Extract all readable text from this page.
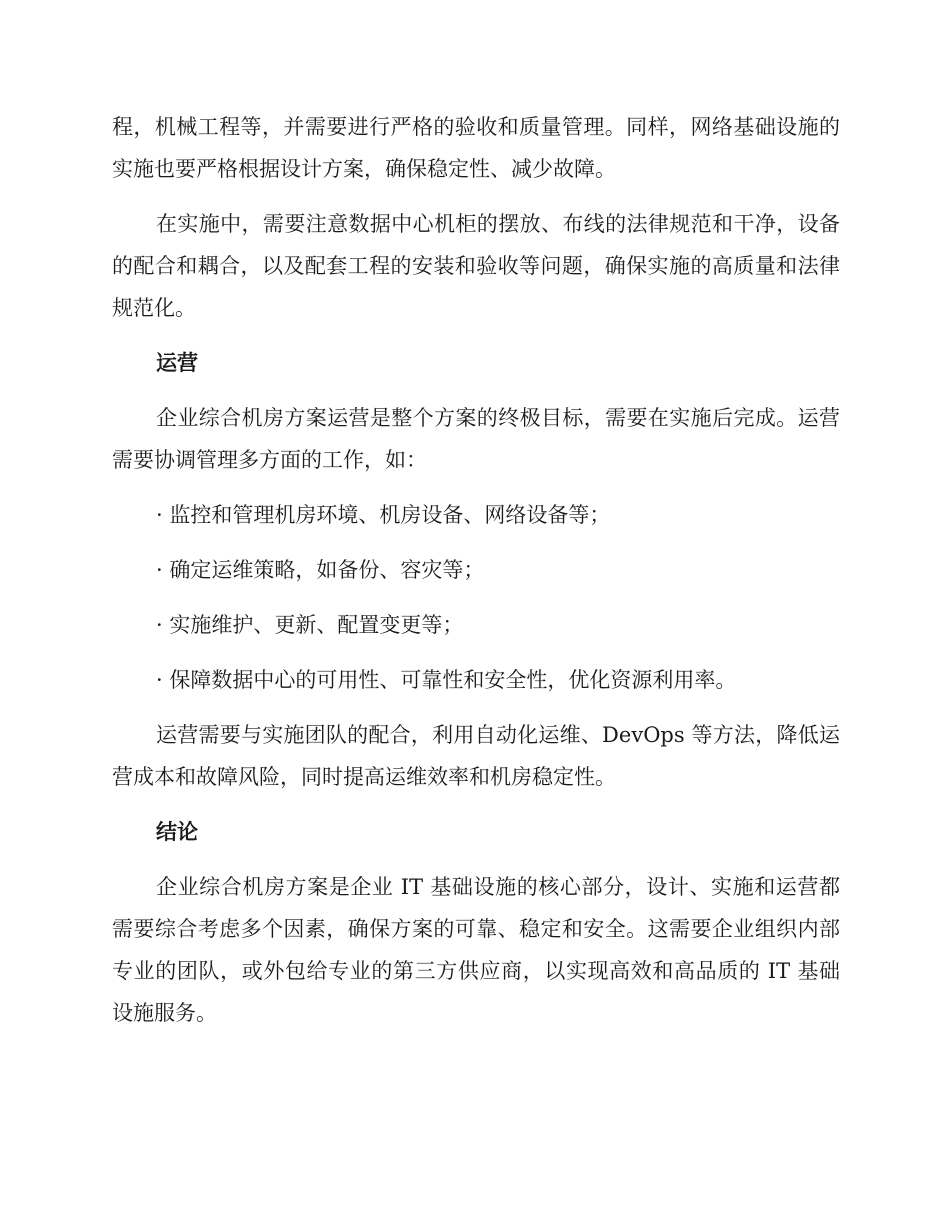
程，机械工程等，并需要进行严格的验收和质量管理。同样，网络基础设施的实施也要严格根据设计方案，确保稳定性、减少故障。

在实施中，需要注意数据中心机柜的摆放、布线的法律规范和干净，设备的配合和耦合，以及配套工程的安装和验收等问题，确保实施的高质量和法律规范化。

运营

企业综合机房方案运营是整个方案的终极目标，需要在实施后完成。运营需要协调管理多方面的工作，如：

· 监控和管理机房环境、机房设备、网络设备等；

· 确定运维策略，如备份、容灾等；

· 实施维护、更新、配置变更等；

· 保障数据中心的可用性、可靠性和安全性，优化资源利用率。

运营需要与实施团队的配合，利用自动化运维、DevOps 等方法，降低运营成本和故障风险，同时提高运维效率和机房稳定性。

结论

企业综合机房方案是企业 IT 基础设施的核心部分，设计、实施和运营都需要综合考虑多个因素，确保方案的可靠、稳定和安全。这需要企业组织内部专业的团队，或外包给专业的第三方供应商，以实现高效和高品质的 IT 基础设施服务。
